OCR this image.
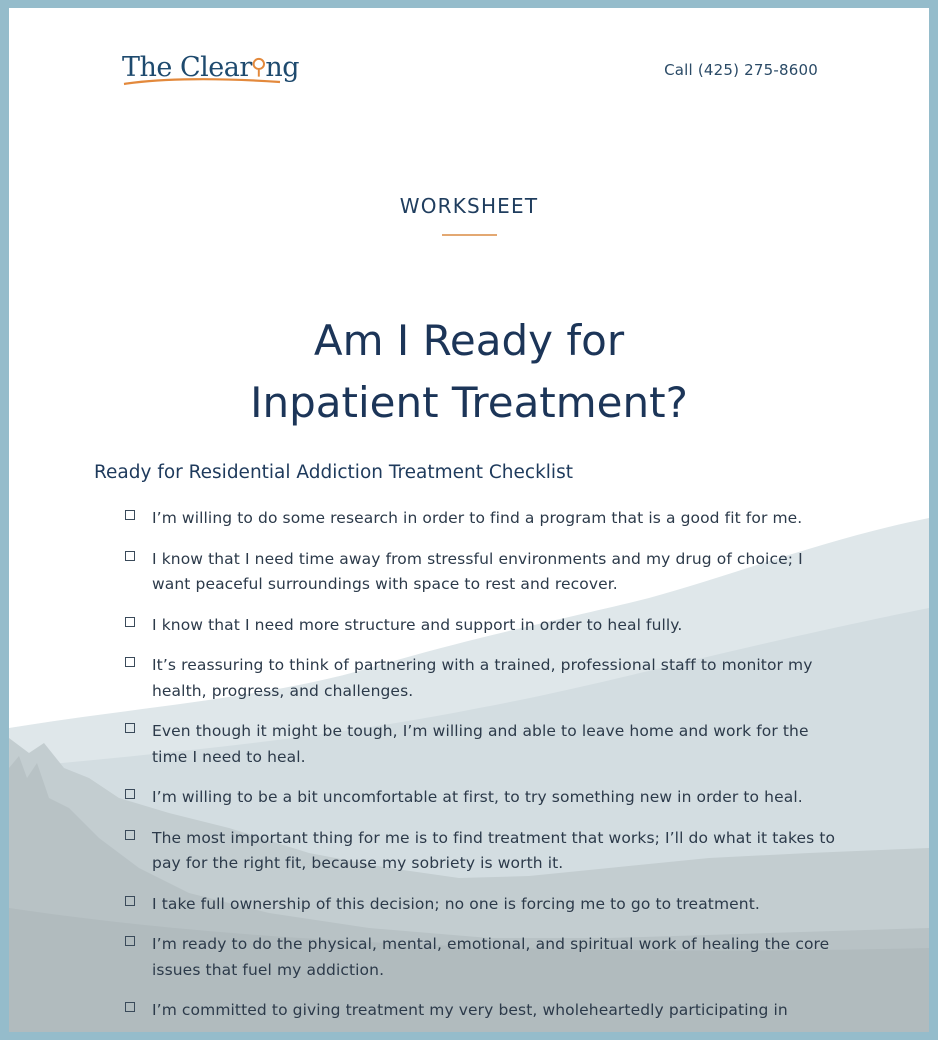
The Clear⚲ng	Call (425) 275-8600
WORKSHEET
Am I Ready for
Inpatient Treatment?
Ready for Residential Addiction Treatment Checklist
I’m willing to do some research in order to find a program that is a good fit for me.
I know that I need time away from stressful environments and my drug of choice; I want peaceful surroundings with space to rest and recover.
I know that I need more structure and support in order to heal fully.
It’s reassuring to think of partnering with a trained, professional staff to monitor my health, progress, and challenges.
Even though it might be tough, I’m willing and able to leave home and work for the time I need to heal.
I’m willing to be a bit uncomfortable at first, to try something new in order to heal.
The most important thing for me is to find treatment that works; I’ll do what it takes to pay for the right fit, because my sobriety is worth it.
I take full ownership of this decision; no one is forcing me to go to treatment.
I’m ready to do the physical, mental, emotional, and spiritual work of healing the core issues that fuel my addiction.
I’m committed to giving treatment my very best, wholeheartedly participating in
